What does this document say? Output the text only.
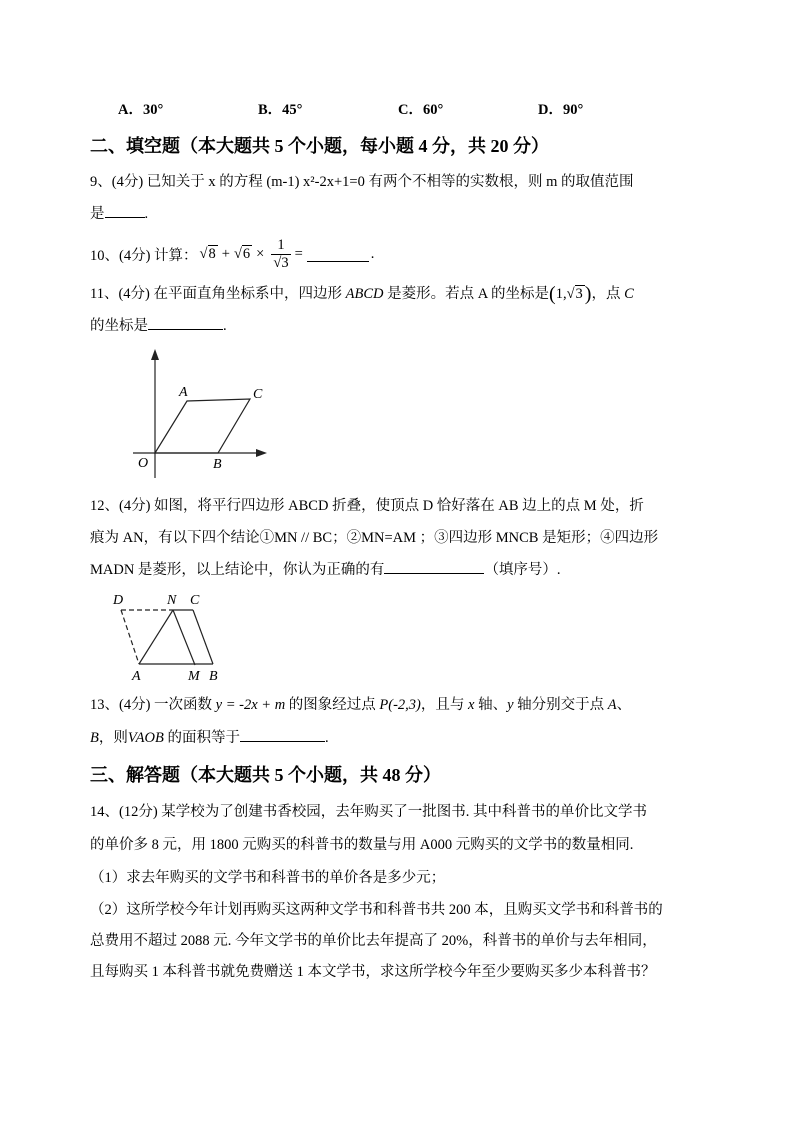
A．30°	B．45°	C．60°	D．90°
二、填空题（本大题共 5 个小题，每小题 4 分，共 20 分）
9、(4分) 已知关于 x 的方程 (m-1) x²-2x+1=0 有两个不相等的实数根，则 m 的取值范围
是	.
10、(4分) 计算： $√8 + √6 \times \frac{1}{√3}$ =	.
11、(4分) 在平面直角坐标系中，四边形 ABCD 是菱形。若点 A 的坐标是(1,√3 )，点 C
的坐标是	.
O
A	C
B
12、(4分) 如图，将平行四边形 ABCD 折叠，使顶点 D 恰好落在 AB 边上的点 M 处，折
痕为 AN，有以下四个结论①MN // BC；②MN=AM ；③四边形 MNCB 是矩形；④四边形
MADN 是菱形，以上结论中，你认为正确的有	（填序号）.
D	N C
A	M B
13、(4分) 一次函数 y = -2x + m 的图象经过点 P(-2,3)，且与 x 轴、y 轴分别交于点 A、
B，则VAOB 的面积等于	.
三、解答题（本大题共 5 个小题，共 48 分）
14、(12分) 某学校为了创建书香校园，去年购买了一批图书. 其中科普书的单价比文学书
的单价多 8 元，用 1800 元购买的科普书的数量与用 A000 元购买的文学书的数量相同.
（1）求去年购买的文学书和科普书的单价各是多少元；
（2）这所学校今年计划再购买这两种文学书和科普书共 200 本，且购买文学书和科普书的
总费用不超过 2088 元. 今年文学书的单价比去年提高了 20%，科普书的单价与去年相同，
且每购买 1 本科普书就免费赠送 1 本文学书，求这所学校今年至少要购买多少本科普书？
